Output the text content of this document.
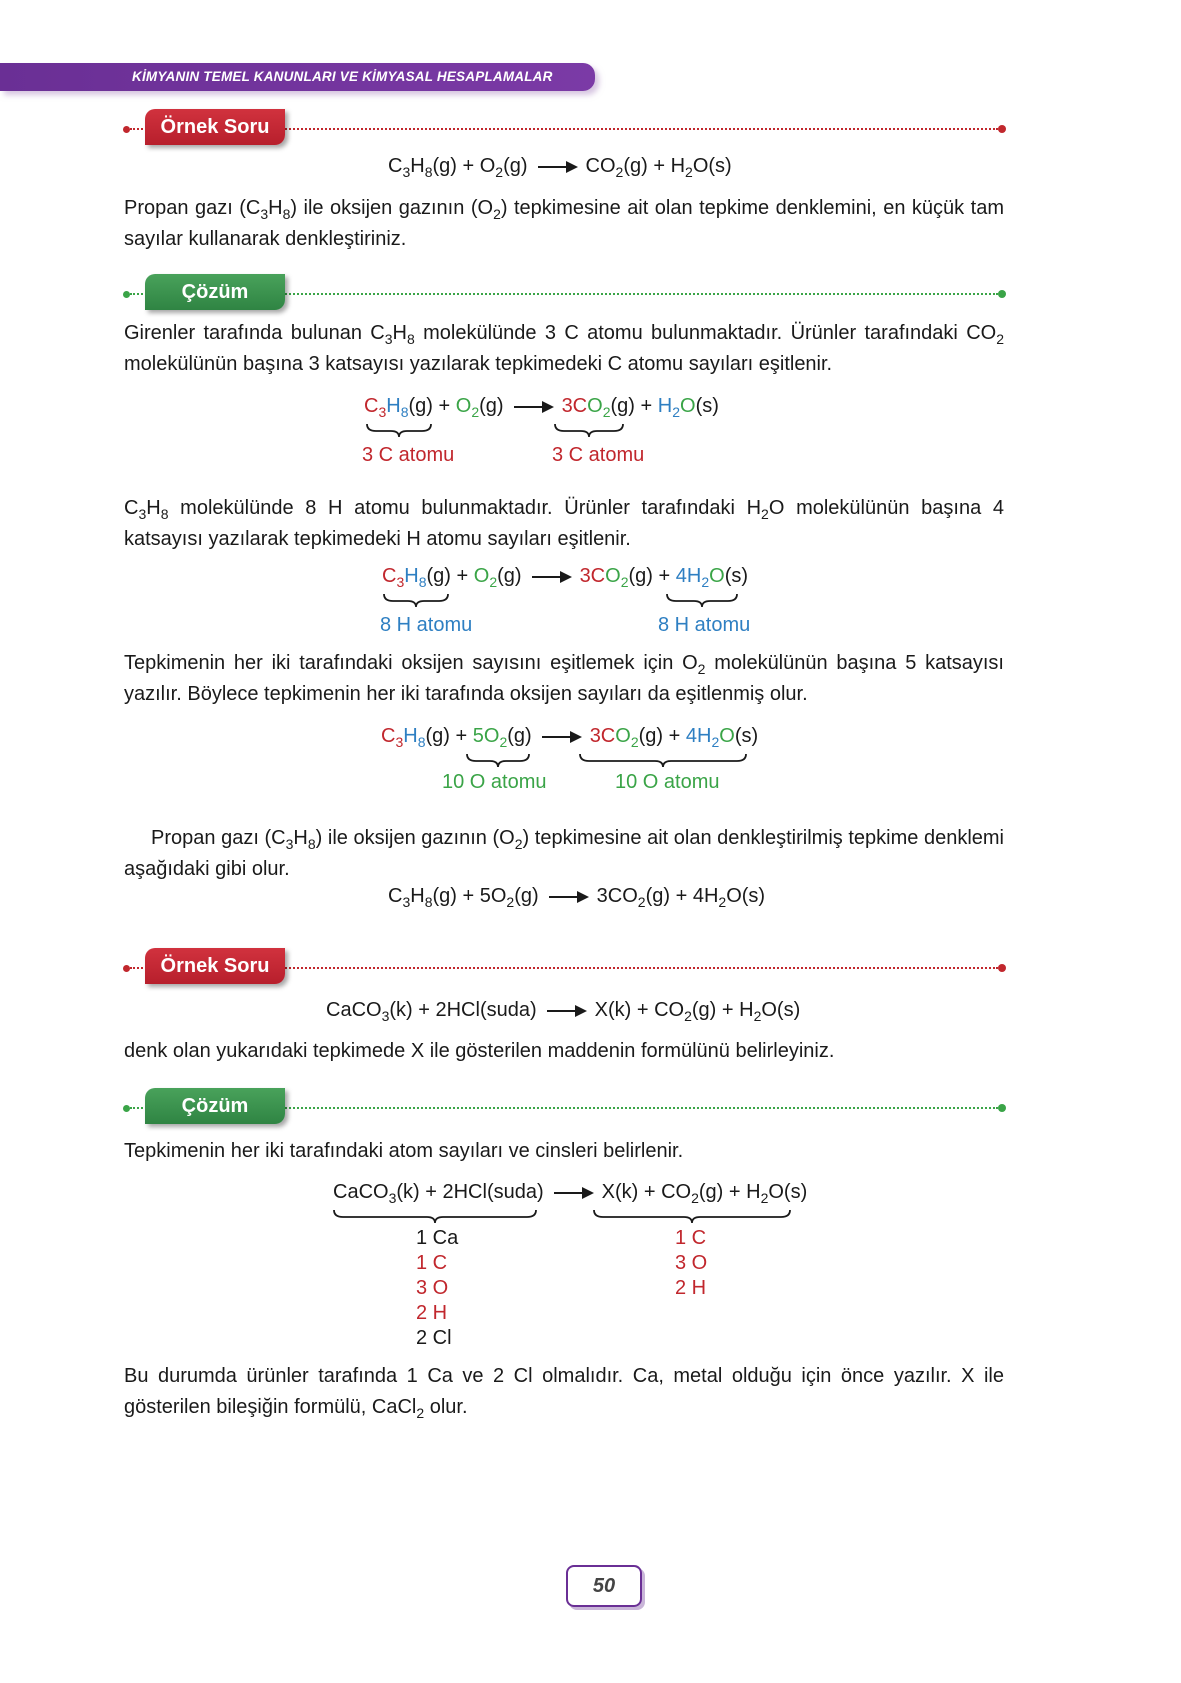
KİMYANIN TEMEL KANUNLARI VE KİMYASAL HESAPLAMALAR
Örnek Soru
$C_3H_8(g) + O_2(g) \to CO_2(g) + H_2O(s)$
Propan gazı $(C_3H_8)$ ile oksijen gazının $(O_2)$ tepkimesine ait olan tepkime denklemini, en küçük tam sayılar kullanarak denkleştiriniz.
Çözüm
Girenler tarafında bulunan $C_3H_8$ molekülünde 3 C atomu bulunmaktadır. Ürünler tarafındaki $CO_2$ molekülünün başına 3 katsayısı yazılarak tepkimedeki C atomu sayıları eşitlenir.
$C_3H_8(g) + O_2(g) \to 3CO_2(g) + H_2O(s)$
3 C atomu	3 C atomu
$C_3H_8$ molekülünde 8 H atomu bulunmaktadır. Ürünler tarafındaki $H_2O$ molekülünün başına 4 katsayısı yazılarak tepkimedeki H atomu sayıları eşitlenir.
$C_3H_8(g) + O_2(g) \to 3CO_2(g) + 4H_2O(s)$
8 H atomu	8 H atomu
Tepkimenin her iki tarafındaki oksijen sayısını eşitlemek için $O_2$ molekülünün başına 5 katsayısı yazılır. Böylece tepkimenin her iki tarafında oksijen sayıları da eşitlenmiş olur.
$C_3H_8(g) + 5O_2(g) \to 3CO_2(g) + 4H_2O(s)$
10 O atomu	10 O atomu
Propan gazı $(C_3H_8)$ ile oksijen gazının $(O_2)$ tepkimesine ait olan denkleştirilmiş tepkime denklemi aşağıdaki gibi olur.
$C_3H_8(g) + 5O_2(g) \to 3CO_2(g) + 4H_2O(s)$
Örnek Soru
CaCO$_3$(k) + 2HCl(suda) → $X(k) + CO_2(g) + H_2O(s)$
denk olan yukarıdaki tepkimede X ile gösterilen maddenin formülünü belirleyiniz.
Çözüm
Tepkimenin her iki tarafındaki atom sayıları ve cinsleri belirlenir.
CaCO$_3$(k) + 2HCl(suda) → $X(k) + CO_2(g) + H_2O(s)$
1 Ca
1 C
3 O
2 H
2 Cl
1 C
3 O
2 H
Bu durumda ürünler tarafında 1 Ca ve 2 Cl olmalıdır. Ca, metal olduğu için önce yazılır. X ile gösterilen bileşiğin formülü, CaCl$_2$ olur.
50
